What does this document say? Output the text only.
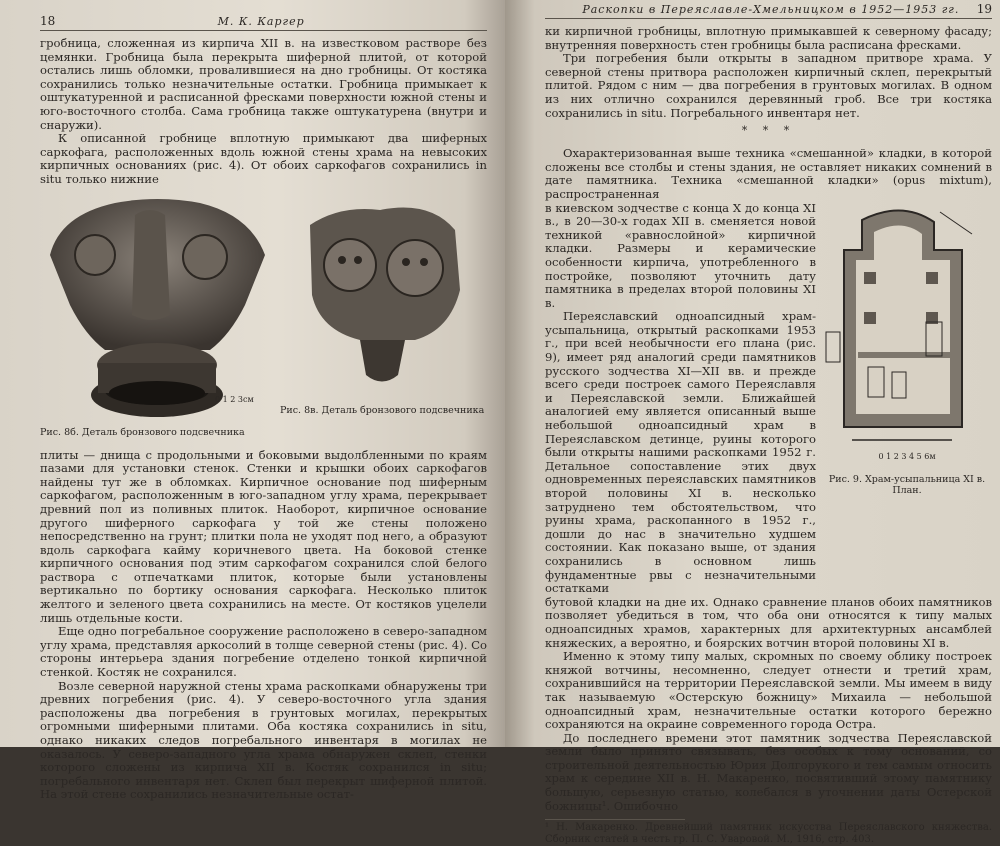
18	М. К. Каргер

гробница, сложенная из кирпича XII в. на известковом растворе без цемянки. Гробница была перекрыта шиферной плитой, от которой остались лишь обломки, провалившиеся на дно гробницы. От костяка сохранились только незначительные остатки. Гробница примыкает к оштукатуренной и расписанной фресками поверхности южной стены и юго-восточного столба. Сама гробница также оштукатурена (внутри и снаружи).

К описанной гробнице вплотную примыкают два шиферных саркофага, расположенных вдоль южной стены храма на невысоких кирпичных основаниях (рис. 4). От обоих саркофагов сохранились in situ только нижние

Рис. 8б. Деталь бронзового подсвечника
0 1 2 3см
Рис. 8в. Деталь бронзового подсвечника

плиты — днища с продольными и боковыми выдолбленными по краям пазами для установки стенок. Стенки и крышки обоих саркофагов найдены тут же в обломках. Кирпичное основание под шиферным саркофагом, расположенным в юго-западном углу храма, перекрывает древний пол из поливных плиток. Наоборот, кирпичное основание другого шиферного саркофага у той же стены положено непосредственно на грунт; плитки пола не уходят под него, а образуют вдоль саркофага кайму коричневого цвета. На боковой стенке кирпичного основания под этим саркофагом сохранился слой белого раствора с отпечатками плиток, которые были установлены вертикально по бортику основания саркофага. Несколько плиток желтого и зеленого цвета сохранились на месте. От костяков уцелели лишь отдельные кости.

Еще одно погребальное сооружение расположено в северо-западном углу храма, представляя аркосолий в толще северной стены (рис. 4). Со стороны интерьера здания погребение отделено тонкой кирпичной стенкой. Костяк не сохранился.

Возле северной наружной стены храма раскопками обнаружены три древних погребения (рис. 4). У северо-восточного угла здания расположены два погребения в грунтовых могилах, перекрытых огромными шиферными плитами. Оба костяка сохранились in situ, однако никаких следов погребального инвентаря в могилах не оказалось. У северо-западного угла храма обнаружен склеп, стенки которого сложены из кирпича XII в. Костяк сохранился in situ; погребального инвентаря нет. Склеп был перекрыт шиферной плитой. На этой стене сохранились незначительные остат-

Раскопки в Переяславле-Хмельницком в 1952—1953 гг. 19

ки кирпичной гробницы, вплотную примыкавшей к северному фасаду; внутренняя поверхность стен гробницы была расписана фресками.

Три погребения были открыты в западном притворе храма. У северной стены притвора расположен кирпичный склеп, перекрытый плитой. Рядом с ним — два погребения в грунтовых могилах. В одном из них отлично сохранился деревянный гроб. Все три костяка сохранились in situ. Погребального инвентаря нет.

* * *

Охарактеризованная выше техника «смешанной» кладки, в которой сложены все столбы и стены здания, не оставляет никаких сомнений в дате памятника. Техника «смешанной кладки» (opus mixtum), распространенная

в киевском зодчестве с конца X до конца XI в., в 20—30-х годах XII в. сменяется новой техникой «равнослойной» кирпичной кладки. Размеры и керамические особенности кирпича, употребленного в постройке, позволяют уточнить дату памятника в пределах второй половины XI в.

Переяславский одноапсидный храм-усыпальница, открытый раскопками 1953 г., при всей необычности его плана (рис. 9), имеет ряд аналогий среди памятников русского зодчества XI—XII вв. и прежде всего среди построек самого Переяславля и Переяславской земли. Ближайшей аналогией ему является описанный выше небольшой одноапсидный храм в Переяславском детинце, руины которого были открыты нашими раскопками 1952 г. Детальное сопоставление этих двух одновременных переяславских памятников второй половины XI в. несколько затруднено тем обстоятельством, что руины храма, раскопанного в 1952 г., дошли до нас в значительно худшем состоянии. Как показано выше, от здания сохранились в основном лишь фундаментные рвы с незначительными остатками

0 1 2 3 4 5 6м
Рис. 9. Храм-усыпальница XI в. План.

бутовой кладки на дне их. Однако сравнение планов обоих памятников позволяет убедиться в том, что оба они относятся к типу малых одноапсидных храмов, характерных для архитектурных ансамблей княжеских, а вероятно, и боярских вотчин второй половины XI в.

Именно к этому типу малых, скромных по своему облику построек княжой вотчины, несомненно, следует отнести и третий храм, сохранившийся на территории Переяславской земли. Мы имеем в виду так называемую «Остерскую божницу» Михаила — небольшой одноапсидный храм, незначительные остатки которого бережно сохраняются на окраине современного города Остра.

До последнего времени этот памятник зодчества Переяславской земли было принято связывать, без особых к тому оснований, со строительной деятельностью Юрия Долгорукого и тем самым относить храм к середине XII в. Н. Макаренко, посвятивший этому памятнику большую, серьезную статью, колебался в уточнении даты Остерской божницы¹. Ошибочно

¹ Н. Макаренко. Древнейший памятник искусства Переяславского княжества. Сборник статей в честь гр. П. С. Уваровой. М., 1916, стр. 403.
